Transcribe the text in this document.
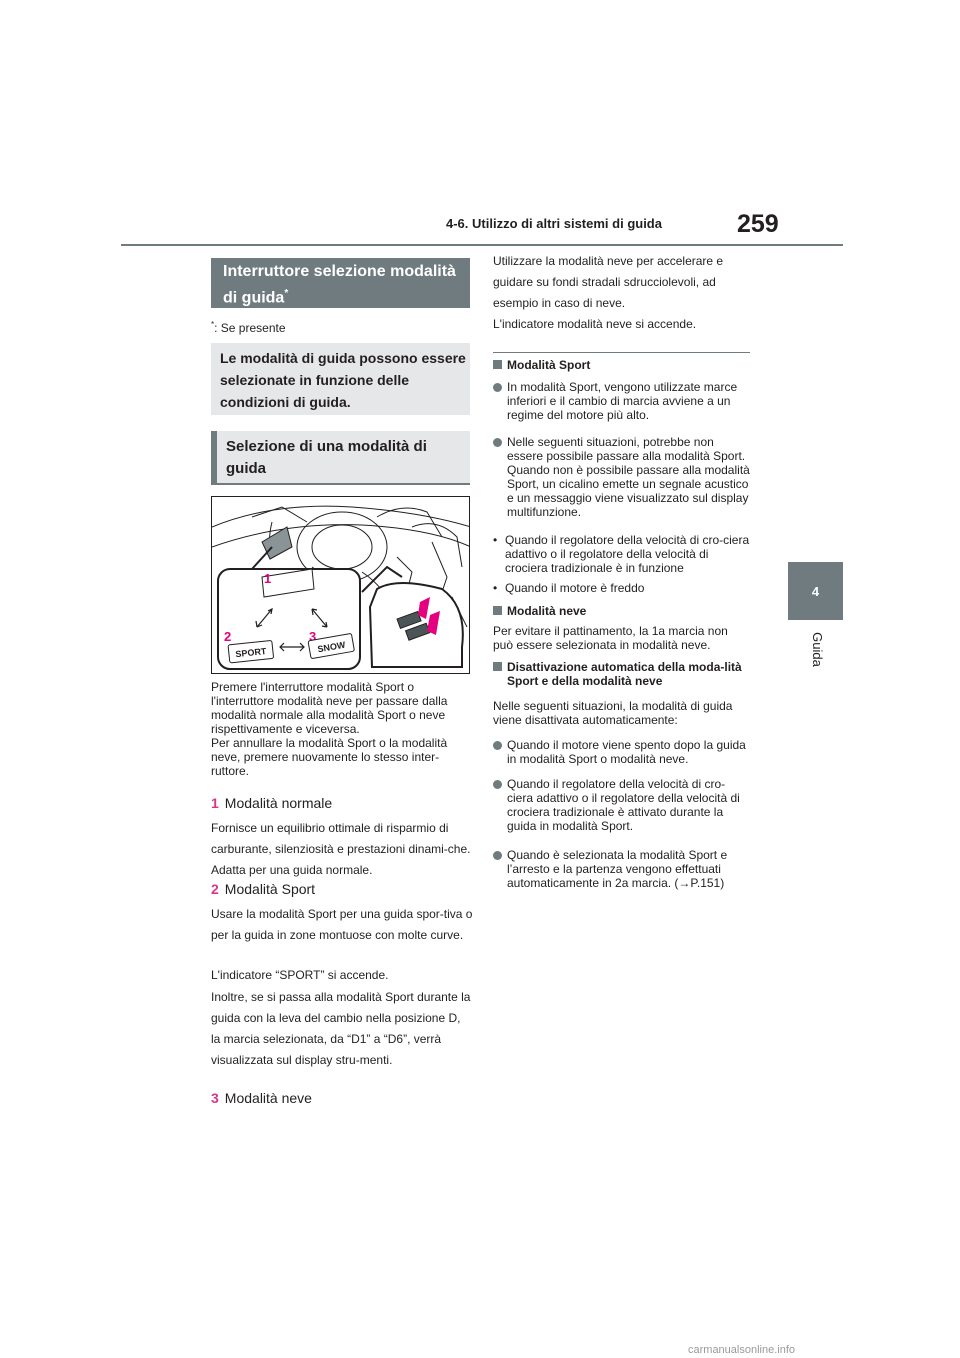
4-6. Utilizzo di altri sistemi di guida	259
4
Guida
Interruttore selezione modalità di guida*
*: Se presente
Le modalità di guida possono essere selezionate in funzione delle condizioni di guida.
Selezione di una modalità di guida
1
2	3
SPORT	SNOW
Premere l'interruttore modalità Sport o l'interruttore modalità neve per passare dalla modalità normale alla modalità Sport o neve rispettivamente e viceversa.
Per annullare la modalità Sport o la modalità neve, premere nuovamente lo stesso inter-ruttore.
1 Modalità normale
Fornisce un equilibrio ottimale di risparmio di carburante, silenziosità e prestazioni dinami-che. Adatta per una guida normale.
2 Modalità Sport
Usare la modalità Sport per una guida spor-tiva o per la guida in zone montuose con molte curve.
L'indicatore “SPORT” si accende.
Inoltre, se si passa alla modalità Sport durante la guida con la leva del cambio nella posizione D, la marcia selezionata, da “D1” a “D6”, verrà visualizzata sul display stru-menti.
3 Modalità neve
Utilizzare la modalità neve per accelerare e guidare su fondi stradali sdrucciolevoli, ad esempio in caso di neve.
L'indicatore modalità neve si accende.
Modalità Sport
In modalità Sport, vengono utilizzate marce inferiori e il cambio di marcia avviene a un regime del motore più alto.
Nelle seguenti situazioni, potrebbe non essere possibile passare alla modalità Sport. Quando non è possibile passare alla modalità Sport, un cicalino emette un segnale acustico e un messaggio viene visualizzato sul display multifunzione.
• Quando il regolatore della velocità di cro-ciera adattivo o il regolatore della velocità di crociera tradizionale è in funzione
• Quando il motore è freddo
Modalità neve
Per evitare il pattinamento, la 1a marcia non può essere selezionata in modalità neve.
Disattivazione automatica della moda-lità Sport e della modalità neve
Nelle seguenti situazioni, la modalità di guida viene disattivata automaticamente:
Quando il motore viene spento dopo la guida in modalità Sport o modalità neve.
Quando il regolatore della velocità di cro-ciera adattivo o il regolatore della velocità di crociera tradizionale è attivato durante la guida in modalità Sport.
Quando è selezionata la modalità Sport e l’arresto e la partenza vengono effettuati automaticamente in 2a marcia. (→P.151)
carmanualsonline.info
